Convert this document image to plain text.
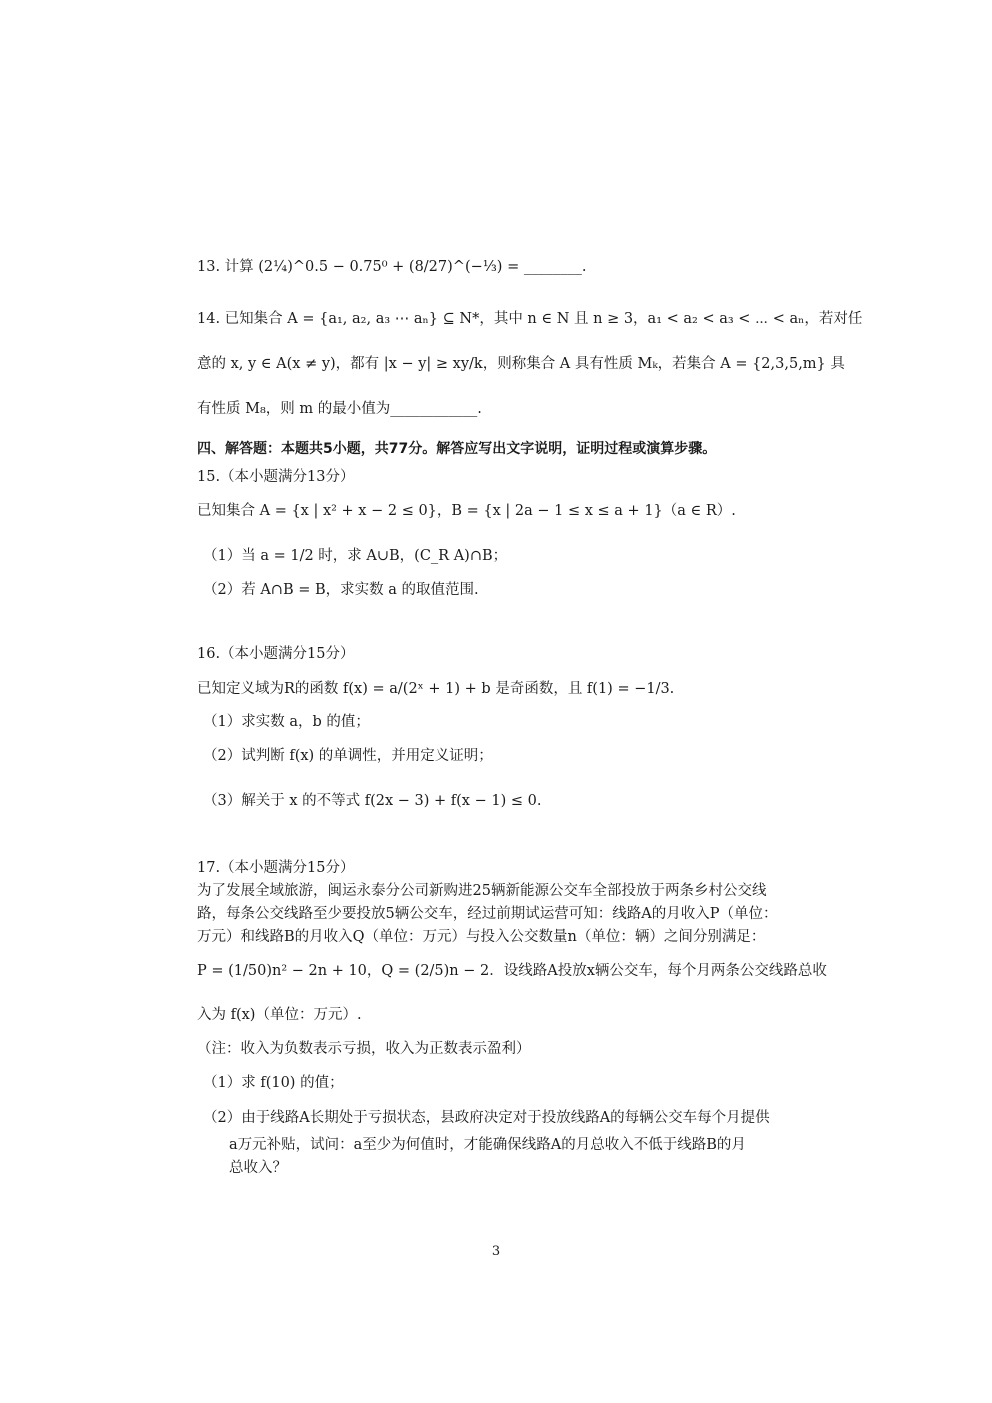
13. 计算 (2¼)^0.5 − 0.75⁰ + (8/27)^(−⅓) = ________.
14. 已知集合 A = {a₁, a₂, a₃ ⋯ aₙ} ⊆ N*，其中 n ∈ N 且 n ≥ 3，a₁ < a₂ < a₃ < ⋯ < aₙ，若对任
意的 x, y ∈ A(x ≠ y)，都有 |x − y| ≥ xy/k，则称集合 A 具有性质 Mₖ，若集合 A = {2,3,5,m} 具
有性质 M₈，则 m 的最小值为____________.
四、解答题：本题共5小题，共77分。解答应写出文字说明，证明过程或演算步骤。
15.（本小题满分13分）
已知集合 A = {x | x² + x − 2 ≤ 0}，B = {x | 2a − 1 ≤ x ≤ a + 1}（a ∈ R）.
（1）当 a = 1/2 时，求 A∪B，(C_R A)∩B；
（2）若 A∩B = B，求实数 a 的取值范围.
16.（本小题满分15分）
已知定义域为R的函数 f(x) = a/(2ˣ + 1) + b 是奇函数，且 f(1) = −1/3.
（1）求实数 a，b 的值；
（2）试判断 f(x) 的单调性，并用定义证明；
（3）解关于 x 的不等式 f(2x − 3) + f(x − 1) ≤ 0.
17.（本小题满分15分）
为了发展全域旅游，闽运永泰分公司新购进25辆新能源公交车全部投放于两条乡村公交线
路，每条公交线路至少要投放5辆公交车，经过前期试运营可知：线路A的月收入P（单位：
万元）和线路B的月收入Q（单位：万元）与投入公交数量n（单位：辆）之间分别满足：
P = (1/50)n² − 2n + 10，Q = (2/5)n − 2．设线路A投放x辆公交车，每个月两条公交线路总收
入为 f(x)（单位：万元）.
（注：收入为负数表示亏损，收入为正数表示盈利）
（1）求 f(10) 的值；
（2）由于线路A长期处于亏损状态，县政府决定对于投放线路A的每辆公交车每个月提供
a万元补贴，试问：a至少为何值时，才能确保线路A的月总收入不低于线路B的月
总收入？
3
